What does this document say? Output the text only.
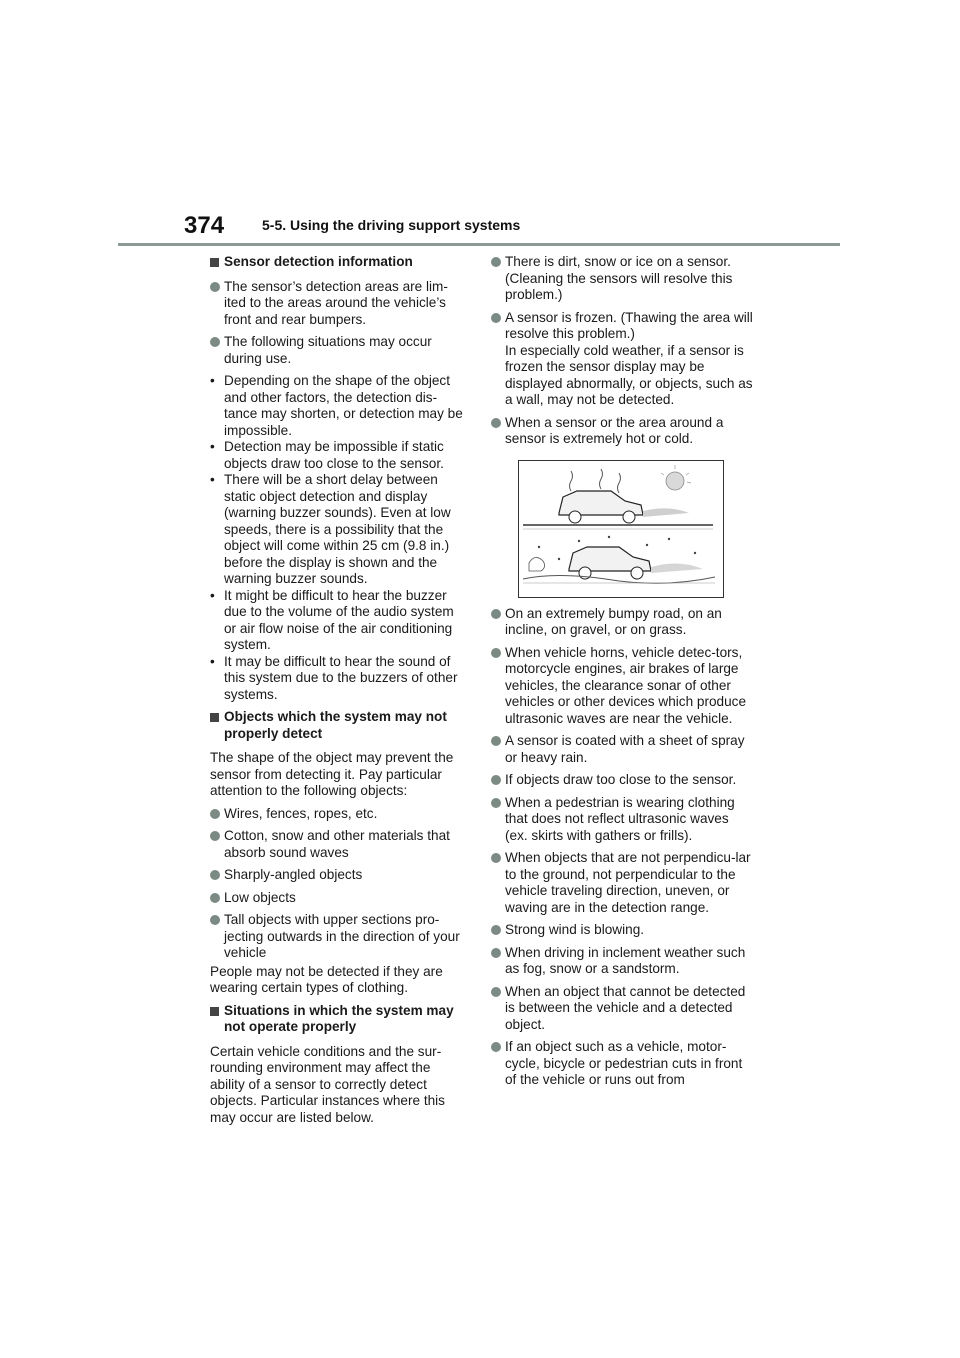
374	5-5. Using the driving support systems
Sensor detection information
The sensor’s detection areas are lim-ited to the areas around the vehicle’s front and rear bumpers.
The following situations may occur during use.
• Depending on the shape of the object and other factors, the detection dis-tance may shorten, or detection may be impossible.
• Detection may be impossible if static objects draw too close to the sensor.
• There will be a short delay between static object detection and display (warning buzzer sounds). Even at low speeds, there is a possibility that the object will come within 25 cm (9.8 in.) before the display is shown and the warning buzzer sounds.
• It might be difficult to hear the buzzer due to the volume of the audio system or air flow noise of the air conditioning system.
• It may be difficult to hear the sound of this system due to the buzzers of other systems.
Objects which the system may not properly detect
The shape of the object may prevent the sensor from detecting it. Pay particular attention to the following objects:
Wires, fences, ropes, etc.
Cotton, snow and other materials that absorb sound waves
Sharply-angled objects
Low objects
Tall objects with upper sections pro-jecting outwards in the direction of your vehicle
People may not be detected if they are wearing certain types of clothing.
Situations in which the system may not operate properly
Certain vehicle conditions and the sur-rounding environment may affect the ability of a sensor to correctly detect objects. Particular instances where this may occur are listed below.
There is dirt, snow or ice on a sensor. (Cleaning the sensors will resolve this problem.)
A sensor is frozen. (Thawing the area will resolve this problem.)
In especially cold weather, if a sensor is frozen the sensor display may be displayed abnormally, or objects, such as a wall, may not be detected.
When a sensor or the area around a sensor is extremely hot or cold.
On an extremely bumpy road, on an incline, on gravel, or on grass.
When vehicle horns, vehicle detec-tors, motorcycle engines, air brakes of large vehicles, the clearance sonar of other vehicles or other devices which produce ultrasonic waves are near the vehicle.
A sensor is coated with a sheet of spray or heavy rain.
If objects draw too close to the sensor.
When a pedestrian is wearing clothing that does not reflect ultrasonic waves (ex. skirts with gathers or frills).
When objects that are not perpendicu-lar to the ground, not perpendicular to the vehicle traveling direction, uneven, or waving are in the detection range.
Strong wind is blowing.
When driving in inclement weather such as fog, snow or a sandstorm.
When an object that cannot be detected is between the vehicle and a detected object.
If an object such as a vehicle, motor-cycle, bicycle or pedestrian cuts in front of the vehicle or runs out from
